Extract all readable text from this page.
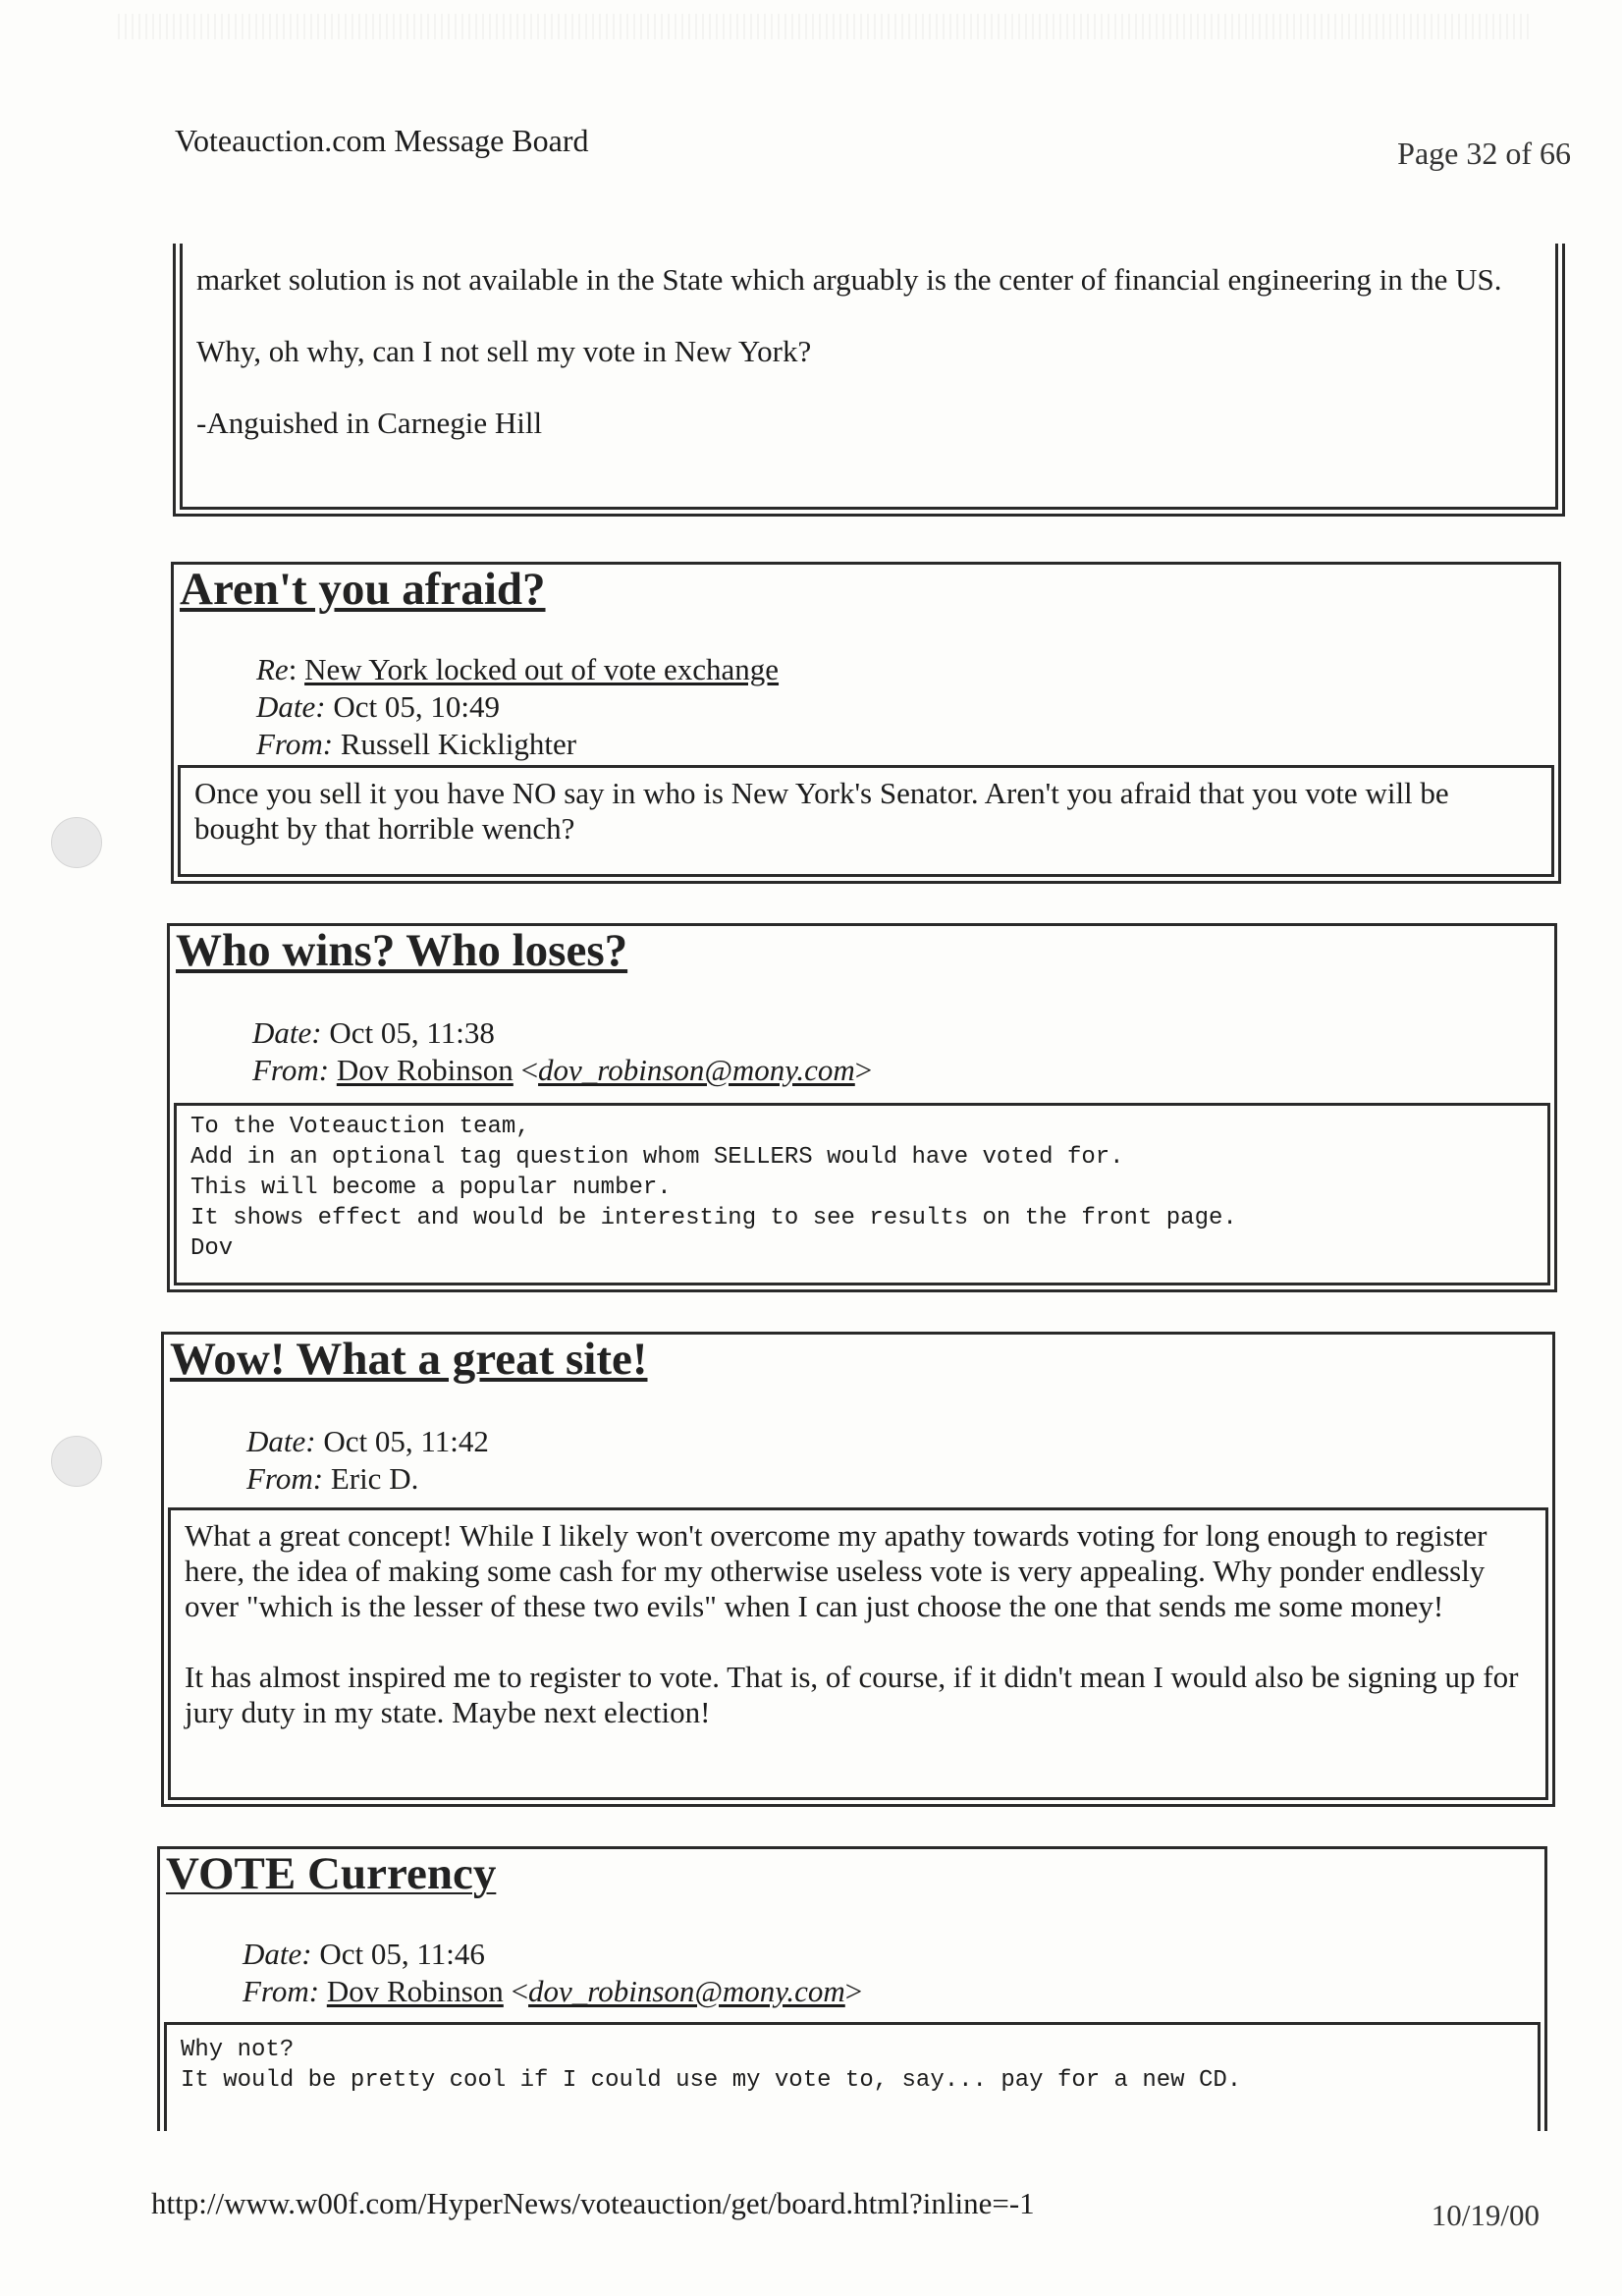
Voteauction.com Message Board	Page 32 of 66

market solution is not available in the State which arguably is the center of financial engineering in the US.

Why, oh why, can I not sell my vote in New York?

-Anguished in Carnegie Hill

Aren't you afraid?
Re: New York locked out of vote exchange
Date: Oct 05, 10:49
From: Russell Kicklighter

Once you sell it you have NO say in who is New York's Senator. Aren't you afraid that you vote will be bought by that horrible wench?

Who wins? Who loses?
Date: Oct 05, 11:38
From: Dov Robinson <dov_robinson@mony.com>
To the Voteauction team,
Add in an optional tag question whom SELLERS would have voted for.
This will become a popular number.
It shows effect and would be interesting to see results on the front page.
Dov
Wow! What a great site!
Date: Oct 05, 11:42
From: Eric D.

What a great concept! While I likely won't overcome my apathy towards voting for long enough to register here, the idea of making some cash for my otherwise useless vote is very appealing. Why ponder endlessly over "which is the lesser of these two evils" when I can just choose the one that sends me some money!

It has almost inspired me to register to vote. That is, of course, if it didn't mean I would also be signing up for jury duty in my state. Maybe next election!

VOTE Currency
Date: Oct 05, 11:46
From: Dov Robinson <dov_robinson@mony.com>
Why not?
It would be pretty cool if I could use my vote to, say... pay for a new CD.
http://www.w00f.com/HyperNews/voteauction/get/board.html?inline=-1	10/19/00
